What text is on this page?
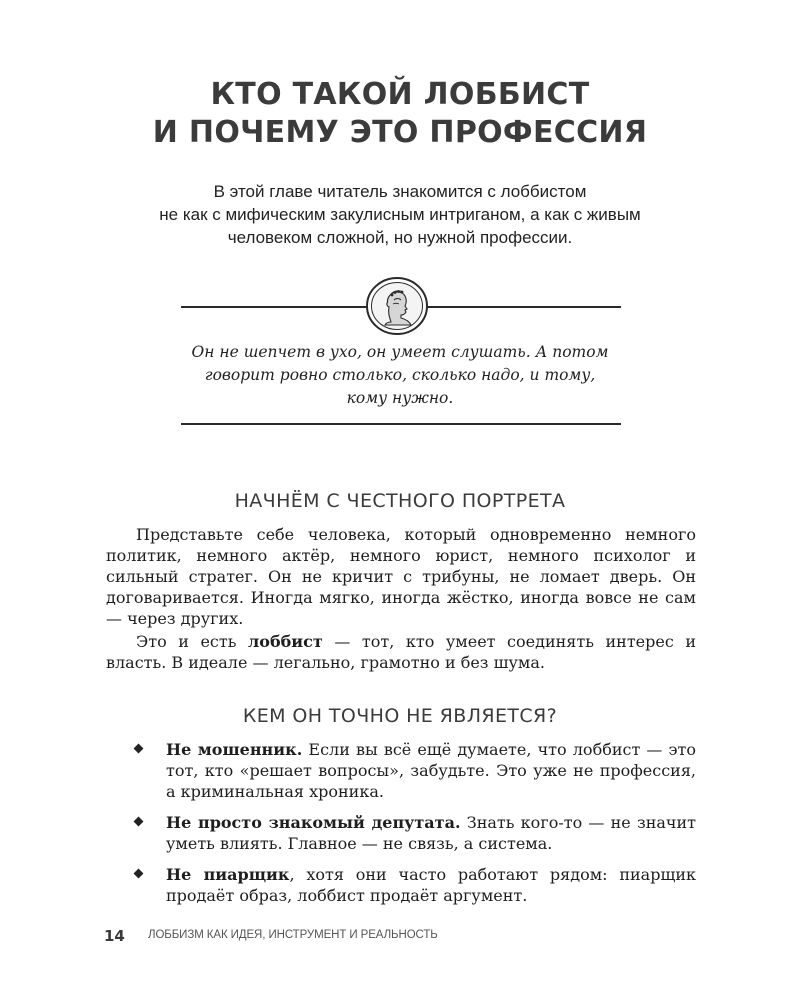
КТО ТАКОЙ ЛОББИСТ
И ПОЧЕМУ ЭТО ПРОФЕССИЯ
В этой главе читатель знакомится с лоббистом
не как с мифическим закулисным интриганом, а как с живым
человеком сложной, но нужной профессии.
Он не шепчет в ухо, он умеет слушать. А потом
говорит ровно столько, сколько надо, и тому,
кому нужно.
НАЧНЁМ С ЧЕСТНОГО ПОРТРЕТА

Представьте себе человека, который одновременно немного политик, немного актёр, немного юрист, немного психолог и сильный стратег. Он не кричит с трибуны, не ломает дверь. Он договаривается. Иногда мягко, иногда жёстко, иногда вовсе не сам — через других.

Это и есть лоббист — тот, кто умеет соединять интерес и власть. В идеале — легально, грамотно и без шума.

КЕМ ОН ТОЧНО НЕ ЯВЛЯЕТСЯ?
Не мошенник. Если вы всё ещё думаете, что лоббист — это тот, кто «решает вопросы», забудьте. Это уже не профессия, а криминальная хроника.
Не просто знакомый депутата. Знать кого-то — не значит уметь влиять. Главное — не связь, а система.
Не пиарщик, хотя они часто работают рядом: пиарщик продаёт образ, лоббист продаёт аргумент.
14 ЛОББИЗМ КАК ИДЕЯ, ИНСТРУМЕНТ И РЕАЛЬНОСТЬ
